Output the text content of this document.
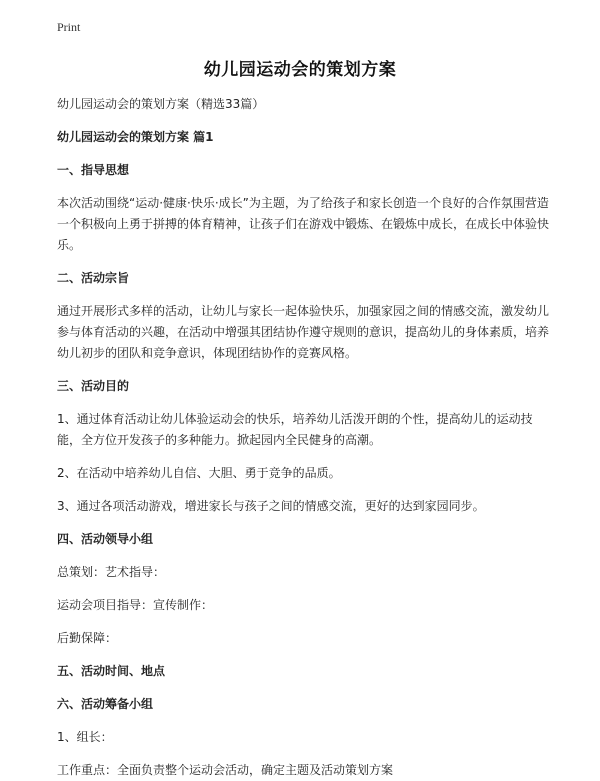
Print
幼儿园运动会的策划方案

幼儿园运动会的策划方案（精选33篇）

幼儿园运动会的策划方案 篇1

一、指导思想

本次活动围绕“运动·健康·快乐·成长”为主题，为了给孩子和家长创造一个良好的合作氛围营造一个积极向上勇于拼搏的体育精神，让孩子们在游戏中锻炼、在锻炼中成长，在成长中体验快乐。

二、活动宗旨

通过开展形式多样的活动，让幼儿与家长一起体验快乐，加强家园之间的情感交流，激发幼儿参与体育活动的兴趣，在活动中增强其团结协作遵守规则的意识，提高幼儿的身体素质，培养幼儿初步的团队和竞争意识，体现团结协作的竞赛风格。

三、活动目的

1、通过体育活动让幼儿体验运动会的快乐，培养幼儿活泼开朗的个性，提高幼儿的运动技能，全方位开发孩子的多种能力。掀起园内全民健身的高潮。

2、在活动中培养幼儿自信、大胆、勇于竞争的品质。

3、通过各项活动游戏，增进家长与孩子之间的情感交流，更好的达到家园同步。

四、活动领导小组

总策划：艺术指导：

运动会项目指导：宣传制作：

后勤保障：

五、活动时间、地点

六、活动筹备小组

1、组长：

工作重点：全面负责整个运动会活动，确定主题及活动策划方案
